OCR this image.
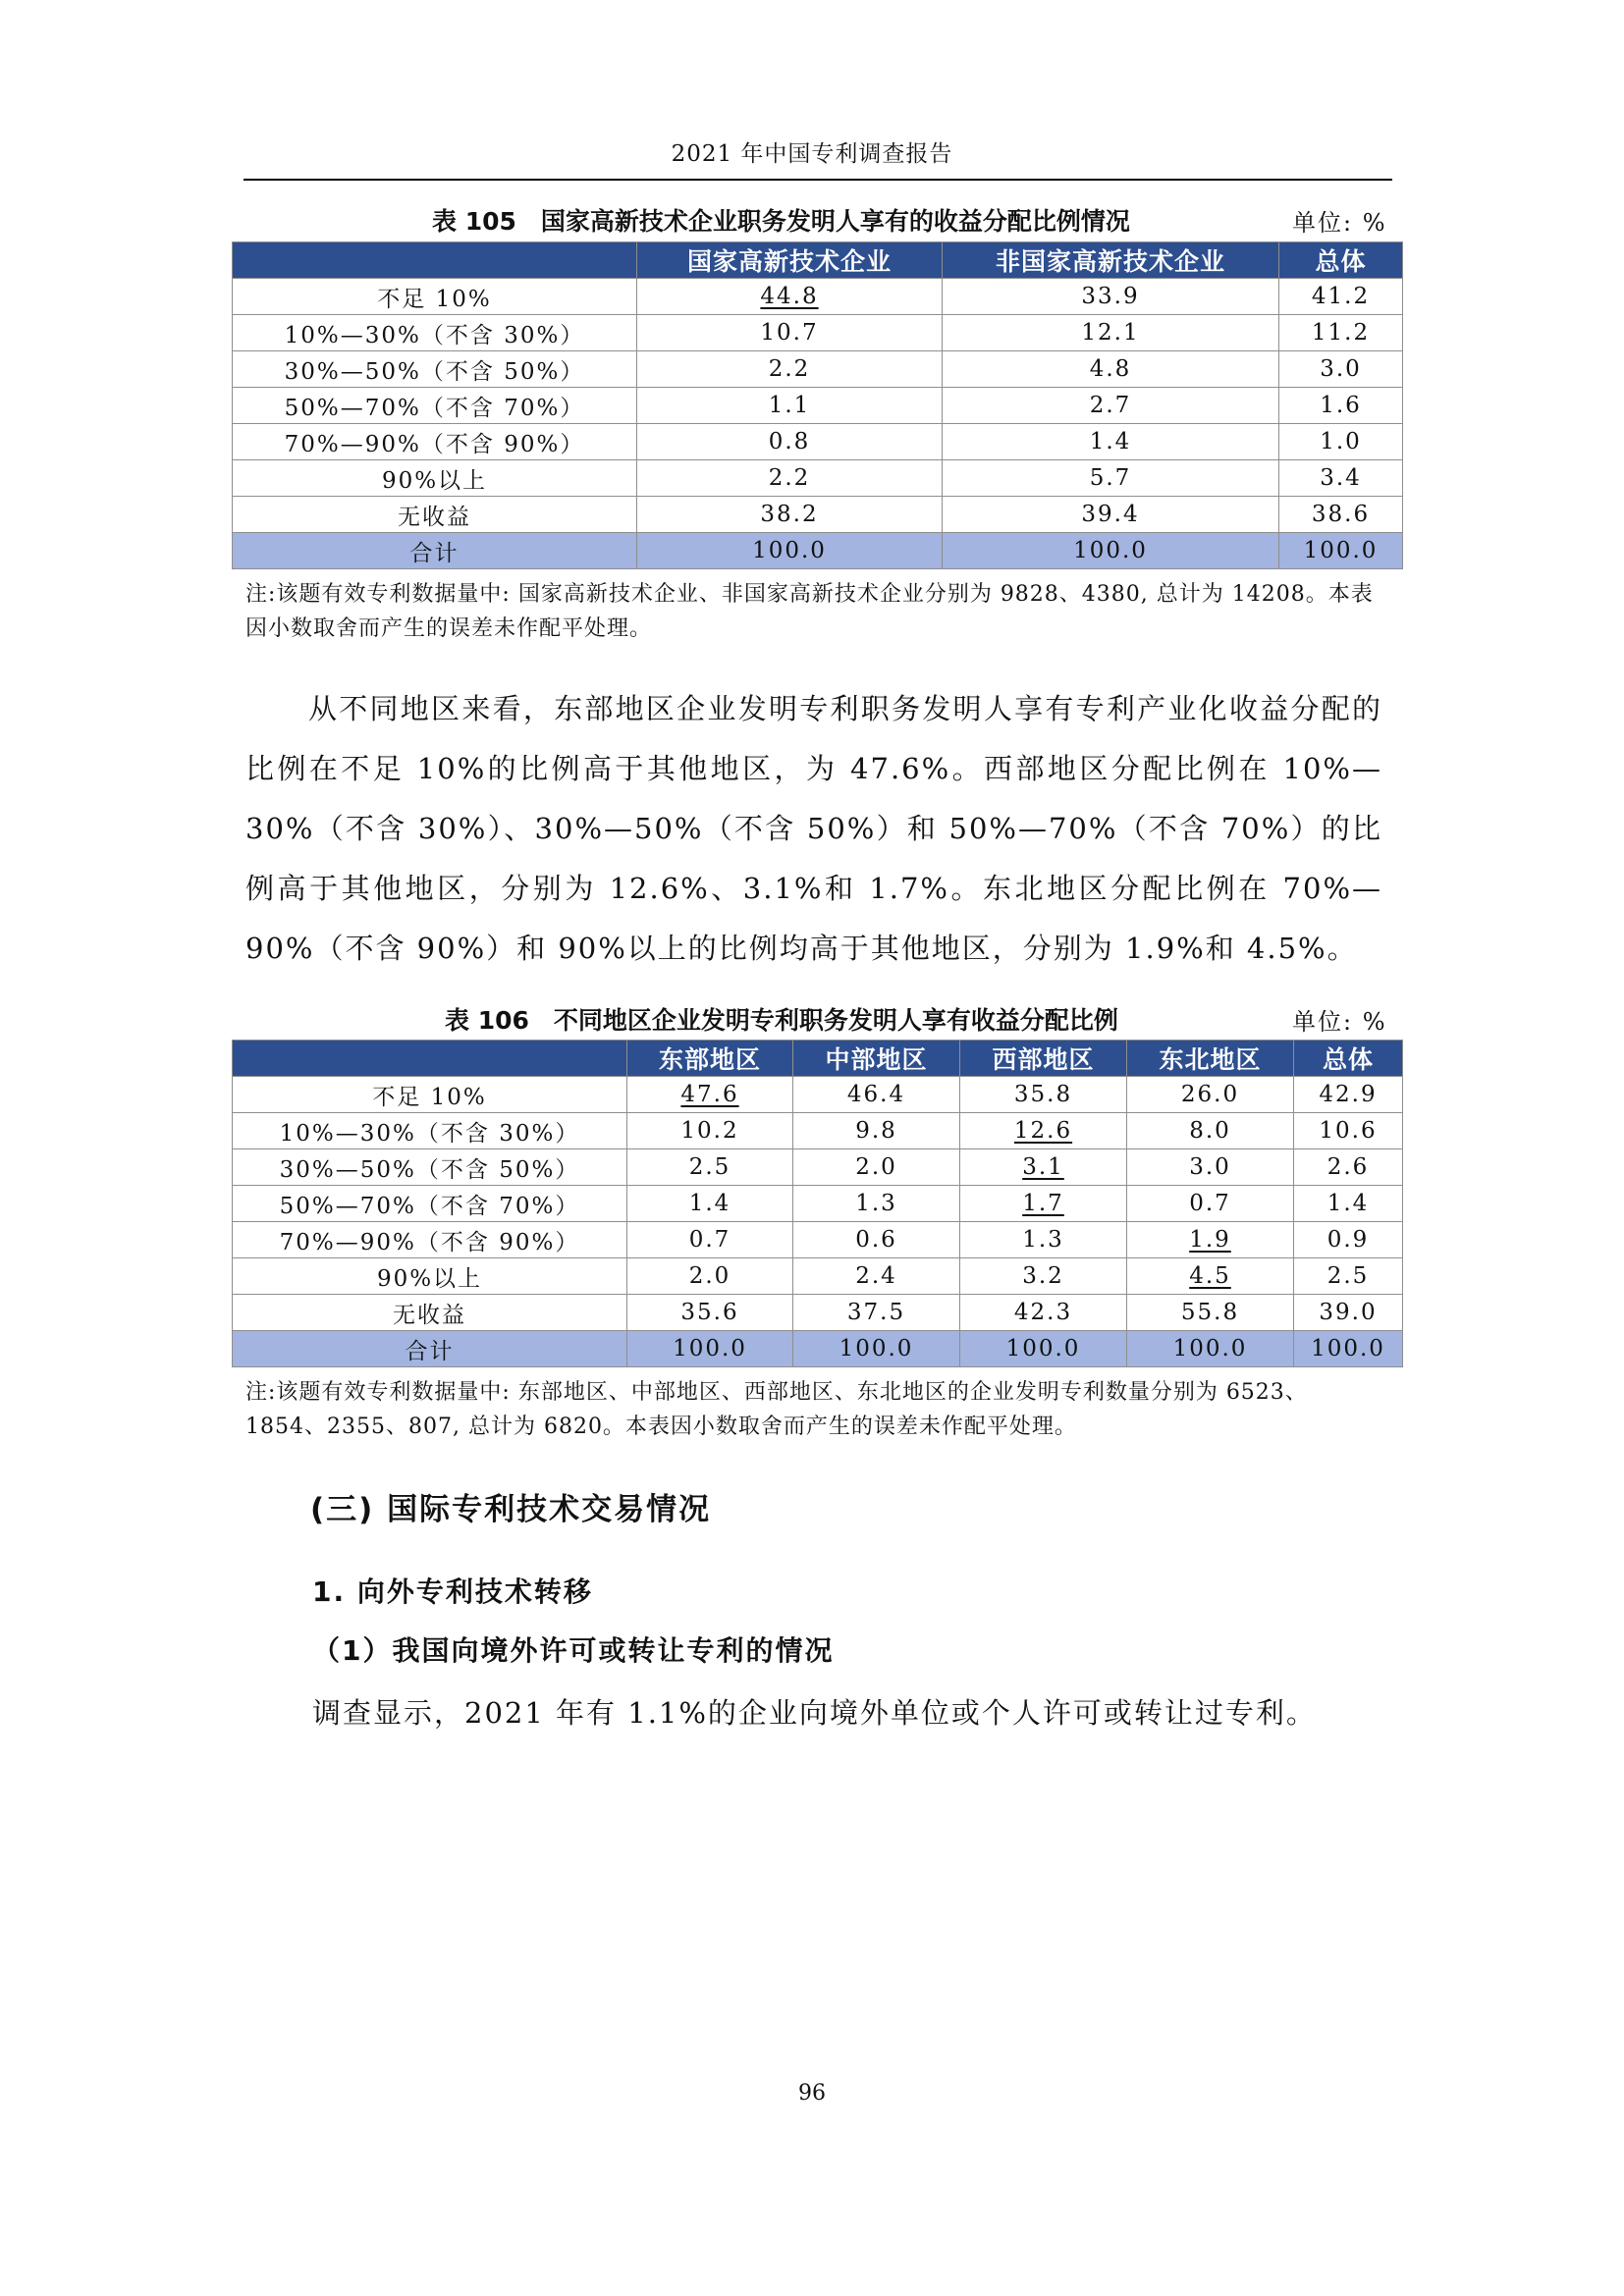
2021 年中国专利调查报告
表 105　国家高新技术企业职务发明人享有的收益分配比例情况	单位: %
	国家高新技术企业	非国家高新技术企业	总体
不足 10%	44.8	33.9	41.2
10%—30%（不含 30%）	10.7	12.1	11.2
30%—50%（不含 50%）	2.2	4.8	3.0
50%—70%（不含 70%）	1.1	2.7	1.6
70%—90%（不含 90%）	0.8	1.4	1.0
90%以上	2.2	5.7	3.4
无收益	38.2	39.4	38.6
合计	100.0	100.0	100.0
注:该题有效专利数据量中: 国家高新技术企业、非国家高新技术企业分别为 9828、4380, 总计为 14208。本表因小数取舍而产生的误差未作配平处理。
从不同地区来看，东部地区企业发明专利职务发明人享有专利产业化收益分配的比例在不足 10%的比例高于其他地区，为 47.6%。西部地区分配比例在 10%—30%（不含 30%）、30%—50%（不含 50%）和 50%—70%（不含 70%）的比例高于其他地区，分别为 12.6%、3.1%和 1.7%。东北地区分配比例在 70%—90%（不含 90%）和 90%以上的比例均高于其他地区，分别为 1.9%和 4.5%。
表 106　不同地区企业发明专利职务发明人享有收益分配比例	单位: %
	东部地区	中部地区	西部地区	东北地区	总体
不足 10%	47.6	46.4	35.8	26.0	42.9
10%—30%（不含 30%）	10.2	9.8	12.6	8.0	10.6
30%—50%（不含 50%）	2.5	2.0	3.1	3.0	2.6
50%—70%（不含 70%）	1.4	1.3	1.7	0.7	1.4
70%—90%（不含 90%）	0.7	0.6	1.3	1.9	0.9
90%以上	2.0	2.4	3.2	4.5	2.5
无收益	35.6	37.5	42.3	55.8	39.0
合计	100.0	100.0	100.0	100.0	100.0
注:该题有效专利数据量中: 东部地区、中部地区、西部地区、东北地区的企业发明专利数量分别为 6523、1854、2355、807, 总计为 6820。本表因小数取舍而产生的误差未作配平处理。
(三) 国际专利技术交易情况
1. 向外专利技术转移
（1）我国向境外许可或转让专利的情况
调查显示，2021 年有 1.1%的企业向境外单位或个人许可或转让过专利。
96
